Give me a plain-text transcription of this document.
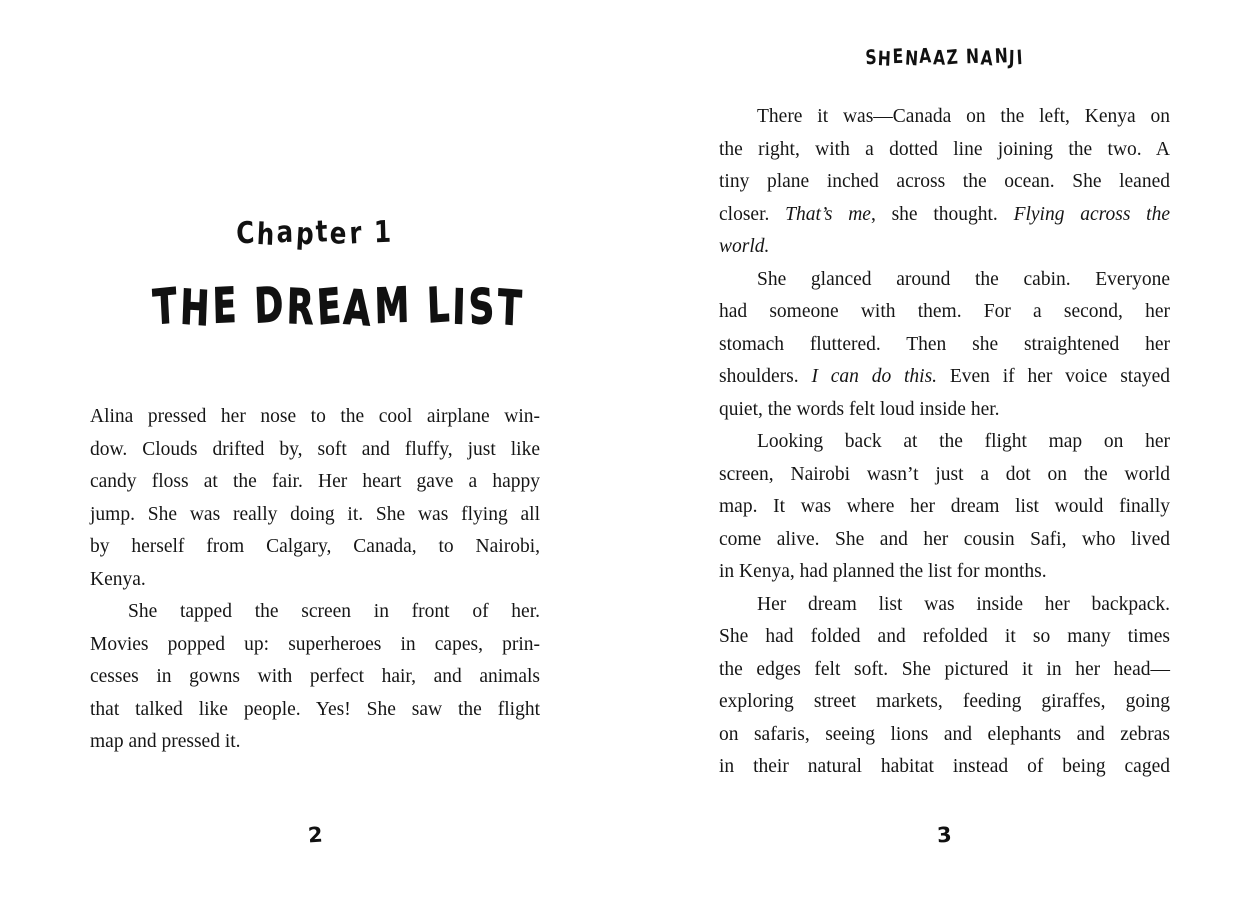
Chapter 1
THE DREAM LIST
Alina pressed her nose to the cool airplane win-
dow. Clouds drifted by, soft and fluffy, just like
candy floss at the fair. Her heart gave a happy
jump. She was really doing it. She was flying all
by herself from Calgary, Canada, to Nairobi,
Kenya.
She tapped the screen in front of her.
Movies popped up: superheroes in capes, prin-
cesses in gowns with perfect hair, and animals
that talked like people. Yes! She saw the flight
map and pressed it.
2
SHENAAZ NANJI
There it was—Canada on the left, Kenya on
the right, with a dotted line joining the two. A
tiny plane inched across the ocean. She leaned
closer. That’s me, she thought. Flying across the
world.
She glanced around the cabin. Everyone
had someone with them. For a second, her
stomach fluttered. Then she straightened her
shoulders. I can do this. Even if her voice stayed
quiet, the words felt loud inside her.
Looking back at the flight map on her
screen, Nairobi wasn’t just a dot on the world
map. It was where her dream list would finally
come alive. She and her cousin Safi, who lived
in Kenya, had planned the list for months.
Her dream list was inside her backpack.
She had folded and refolded it so many times
the edges felt soft. She pictured it in her head—
exploring street markets, feeding giraffes, going
on safaris, seeing lions and elephants and zebras
in their natural habitat instead of being caged
3
